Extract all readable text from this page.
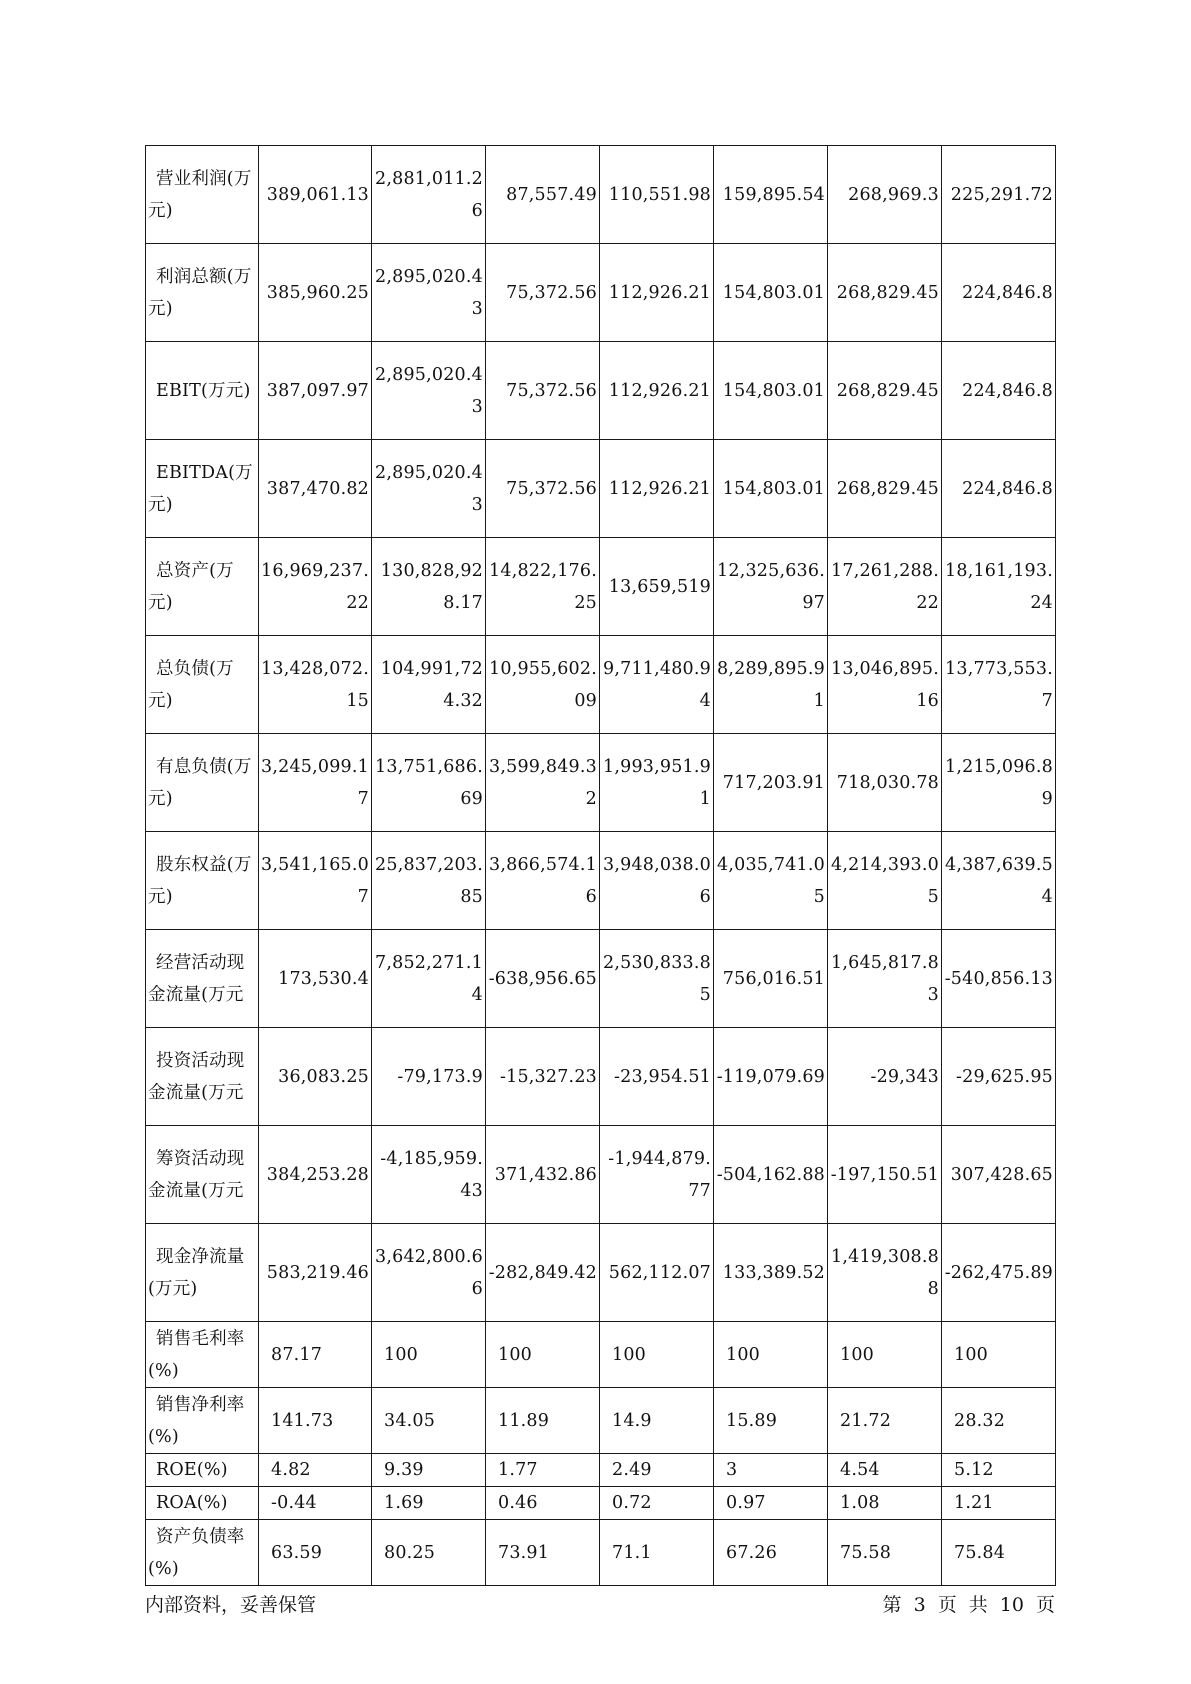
营业利润(万元)	389,061.13	2,881,011.26	87,557.49	110,551.98	159,895.54	268,969.3	225,291.72
利润总额(万元)	385,960.25	2,895,020.43	75,372.56	112,926.21	154,803.01	268,829.45	224,846.8
EBIT(万元)	387,097.97	2,895,020.43	75,372.56	112,926.21	154,803.01	268,829.45	224,846.8
EBITDA(万元)	387,470.82	2,895,020.43	75,372.56	112,926.21	154,803.01	268,829.45	224,846.8
总资产(万元)	16,969,237.22	130,828,928.17	14,822,176.25	13,659,519	12,325,636.97	17,261,288.22	18,161,193.24
总负债(万元)	13,428,072.15	104,991,724.32	10,955,602.09	9,711,480.94	8,289,895.91	13,046,895.16	13,773,553.7
有息负债(万元)	3,245,099.17	13,751,686.69	3,599,849.32	1,993,951.91	717,203.91	718,030.78	1,215,096.89
股东权益(万元)	3,541,165.07	25,837,203.85	3,866,574.16	3,948,038.06	4,035,741.05	4,214,393.05	4,387,639.54
经营活动现金流量(万元	173,530.4	7,852,271.14	-638,956.65	2,530,833.85	756,016.51	1,645,817.83	-540,856.13
投资活动现金流量(万元	36,083.25	-79,173.9	-15,327.23	-23,954.51	-119,079.69	-29,343	-29,625.95
筹资活动现金流量(万元	384,253.28	-4,185,959.43	371,432.86	-1,944,879.77	-504,162.88	-197,150.51	307,428.65
现金净流量(万元)	583,219.46	3,642,800.66	-282,849.42	562,112.07	133,389.52	1,419,308.88	-262,475.89
销售毛利率(%)	87.17	100	100	100	100	100	100
销售净利率(%)	141.73	34.05	11.89	14.9	15.89	21.72	28.32
ROE(%)	4.82	9.39	1.77	2.49	3	4.54	5.12
ROA(%)	-0.44	1.69	0.46	0.72	0.97	1.08	1.21
资产负债率(%)	63.59	80.25	73.91	71.1	67.26	75.58	75.84
内部资料，妥善保管	第 3 页 共 10 页
